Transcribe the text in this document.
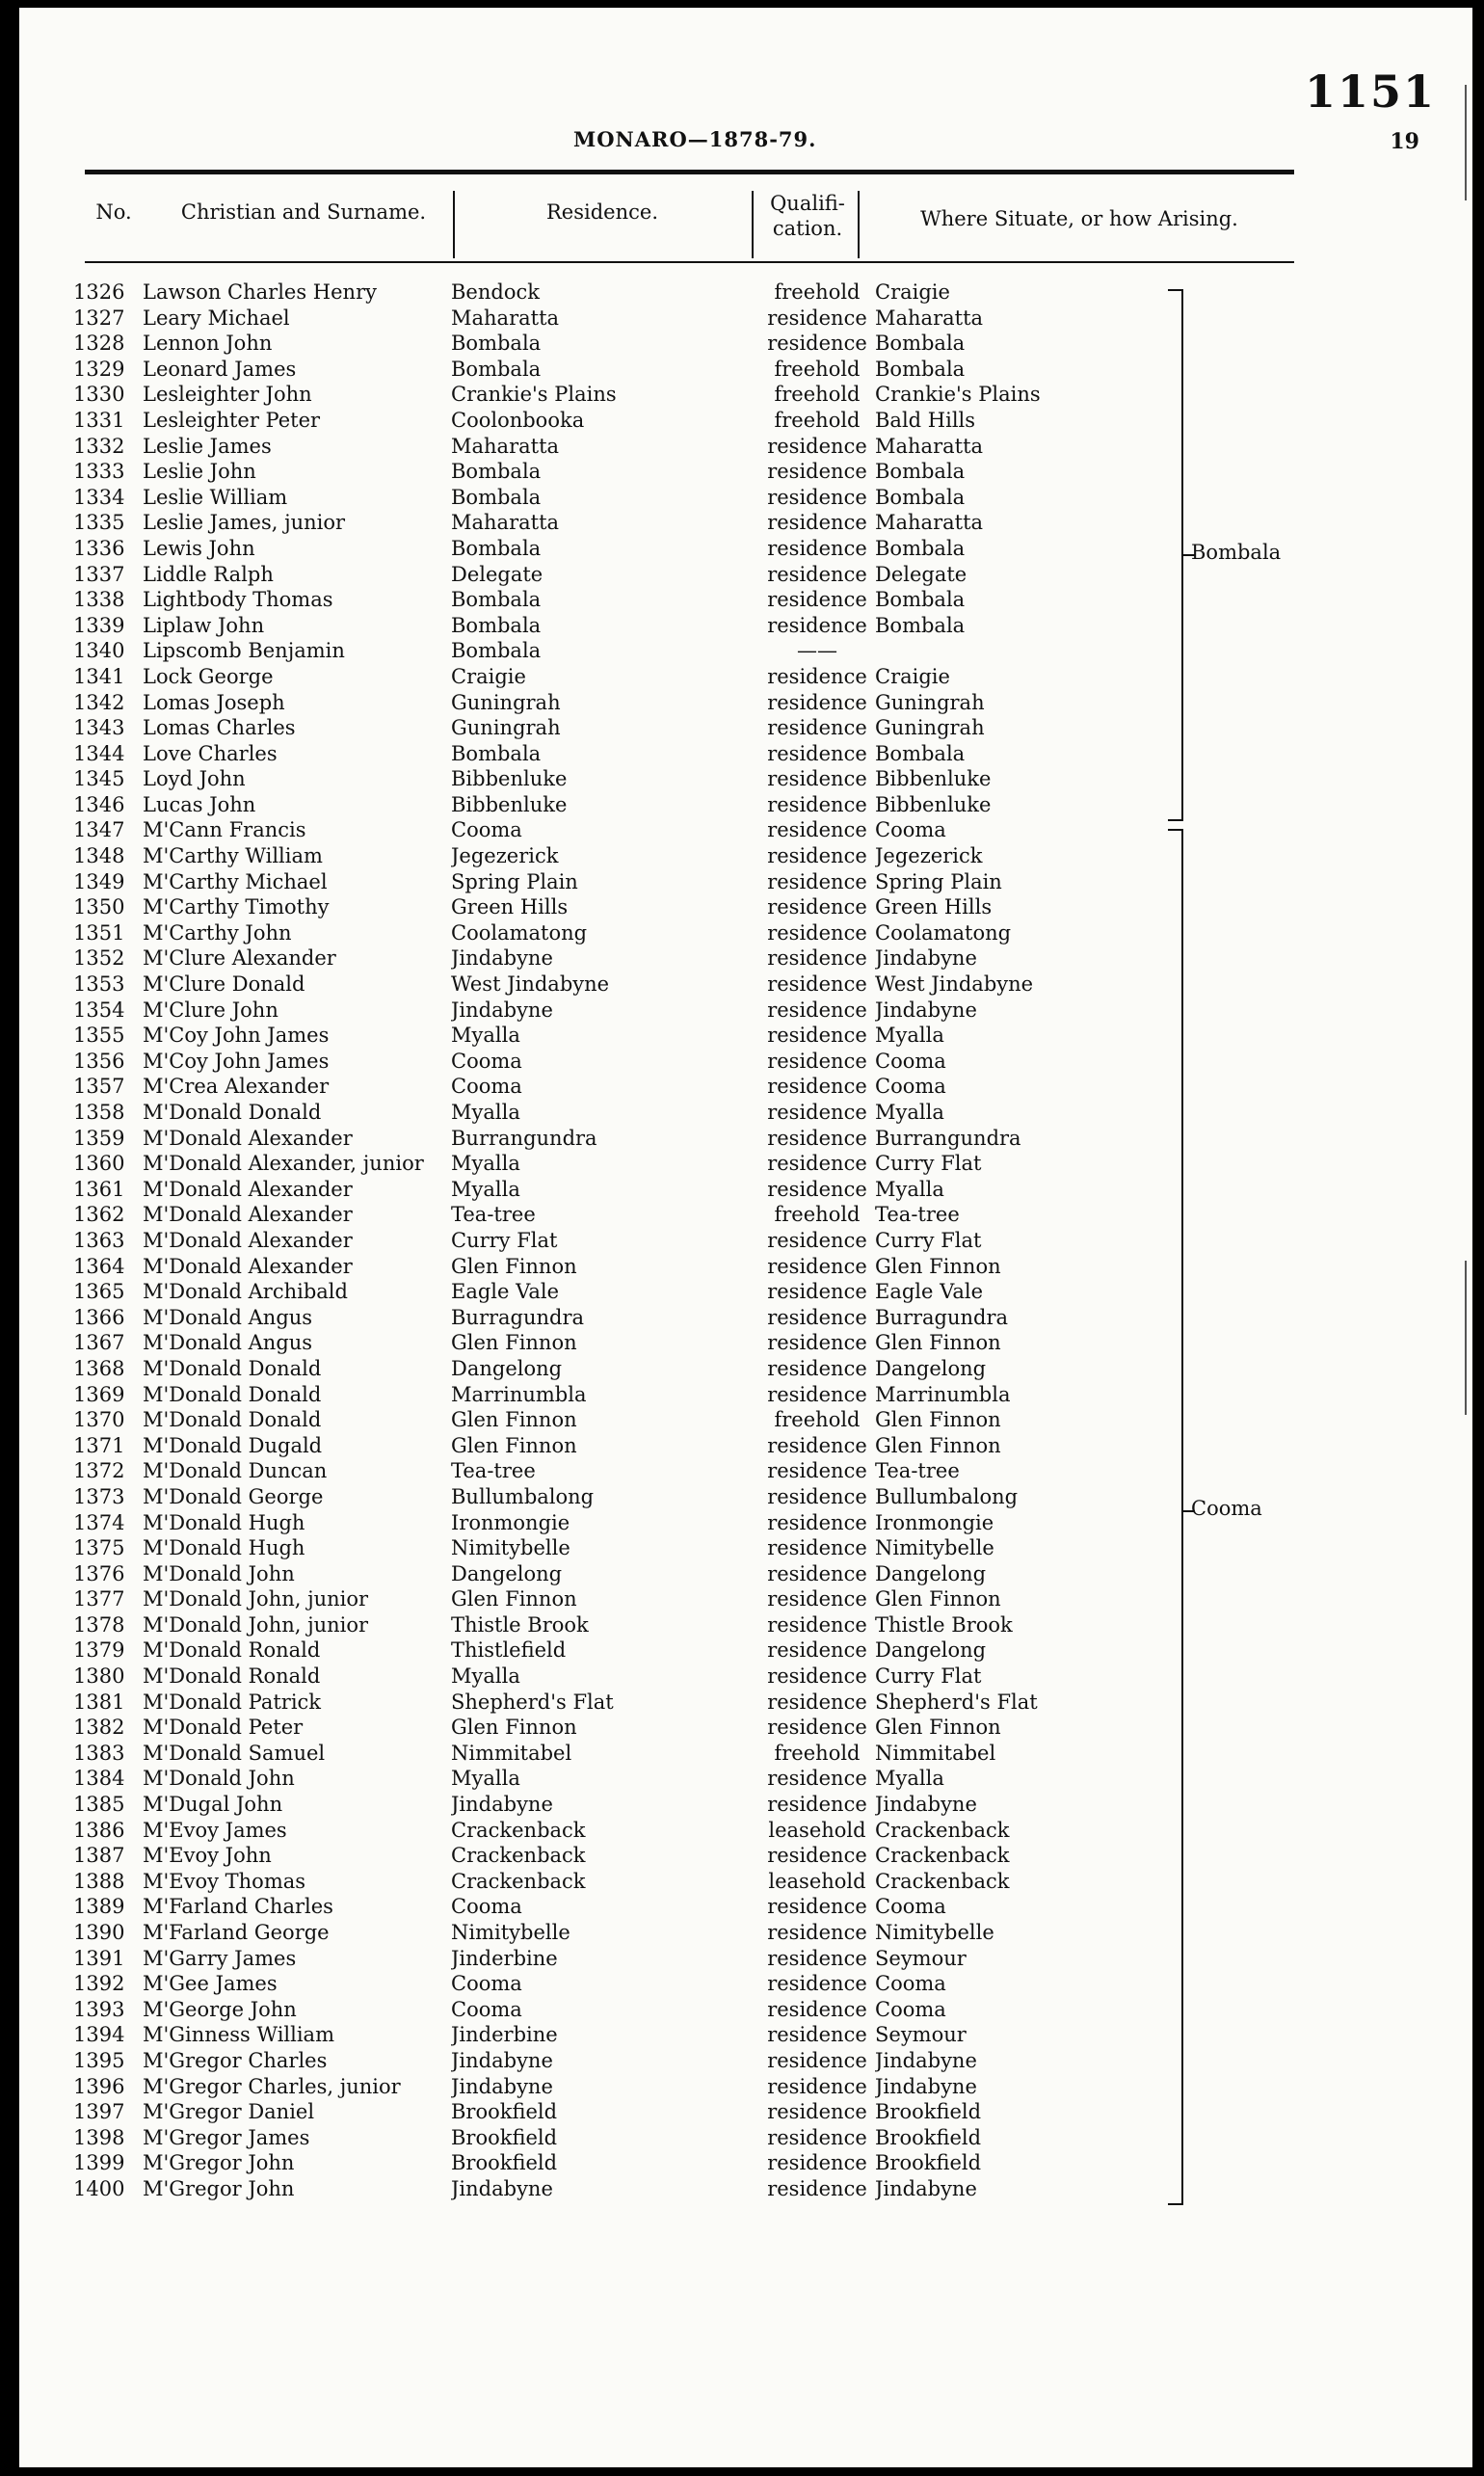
1151
19
MONARO—1878-79.
No.	Christian and Surname.	Residence.	Qualifi-
cation.	Where Situate, or how Arising.
1326 Lawson Charles Henry	Bendock	freehold Craigie
1327 Leary Michael	Maharatta	residence Maharatta
1328 Lennon John	Bombala	residence Bombala
1329 Leonard James	Bombala	freehold Bombala
1330 Lesleighter John	Crankie's Plains	freehold Crankie's Plains
1331 Lesleighter Peter	Coolonbooka	freehold Bald Hills
1332 Leslie James	Maharatta	residence Maharatta
1333 Leslie John	Bombala	residence Bombala
1334 Leslie William	Bombala	residence Bombala
1335 Leslie James, junior	Maharatta	residence Maharatta
1336 Lewis John	Bombala	residence Bombala
1337 Liddle Ralph	Delegate	residence Delegate
1338 Lightbody Thomas	Bombala	residence Bombala
1339 Liplaw John	Bombala	residence Bombala
1340 Lipscomb Benjamin	Bombala	——
1341 Lock George	Craigie	residence Craigie
1342 Lomas Joseph	Guningrah	residence Guningrah
1343 Lomas Charles	Guningrah	residence Guningrah
1344 Love Charles	Bombala	residence Bombala
1345 Loyd John	Bibbenluke	residence Bibbenluke
1346 Lucas John	Bibbenluke	residence Bibbenluke
1347 M'Cann Francis	Cooma	residence Cooma
1348 M'Carthy William	Jegezerick	residence Jegezerick
1349 M'Carthy Michael	Spring Plain	residence Spring Plain
1350 M'Carthy Timothy	Green Hills	residence Green Hills
1351 M'Carthy John	Coolamatong	residence Coolamatong
1352 M'Clure Alexander	Jindabyne	residence Jindabyne
1353 M'Clure Donald	West Jindabyne	residence West Jindabyne
1354 M'Clure John	Jindabyne	residence Jindabyne
1355 M'Coy John James	Myalla	residence Myalla
1356 M'Coy John James	Cooma	residence Cooma
1357 M'Crea Alexander	Cooma	residence Cooma
1358 M'Donald Donald	Myalla	residence Myalla
1359 M'Donald Alexander	Burrangundra	residence Burrangundra
1360 M'Donald Alexander, junior	Myalla	residence Curry Flat
1361 M'Donald Alexander	Myalla	residence Myalla
1362 M'Donald Alexander	Tea-tree	freehold Tea-tree
1363 M'Donald Alexander	Curry Flat	residence Curry Flat
1364 M'Donald Alexander	Glen Finnon	residence Glen Finnon
1365 M'Donald Archibald	Eagle Vale	residence Eagle Vale
1366 M'Donald Angus	Burragundra	residence Burragundra
1367 M'Donald Angus	Glen Finnon	residence Glen Finnon
1368 M'Donald Donald	Dangelong	residence Dangelong
1369 M'Donald Donald	Marrinumbla	residence Marrinumbla
1370 M'Donald Donald	Glen Finnon	freehold Glen Finnon
1371 M'Donald Dugald	Glen Finnon	residence Glen Finnon
1372 M'Donald Duncan	Tea-tree	residence Tea-tree
1373 M'Donald George	Bullumbalong	residence Bullumbalong
1374 M'Donald Hugh	Ironmongie	residence Ironmongie
1375 M'Donald Hugh	Nimitybelle	residence Nimitybelle
1376 M'Donald John	Dangelong	residence Dangelong
1377 M'Donald John, junior	Glen Finnon	residence Glen Finnon
1378 M'Donald John, junior	Thistle Brook	residence Thistle Brook
1379 M'Donald Ronald	Thistlefield	residence Dangelong
1380 M'Donald Ronald	Myalla	residence Curry Flat
1381 M'Donald Patrick	Shepherd's Flat	residence Shepherd's Flat
1382 M'Donald Peter	Glen Finnon	residence Glen Finnon
1383 M'Donald Samuel	Nimmitabel	freehold Nimmitabel
1384 M'Donald John	Myalla	residence Myalla
1385 M'Dugal John	Jindabyne	residence Jindabyne
1386 M'Evoy James	Crackenback	leasehold Crackenback
1387 M'Evoy John	Crackenback	residence Crackenback
1388 M'Evoy Thomas	Crackenback	leasehold Crackenback
1389 M'Farland Charles	Cooma	residence Cooma
1390 M'Farland George	Nimitybelle	residence Nimitybelle
1391 M'Garry James	Jinderbine	residence Seymour
1392 M'Gee James	Cooma	residence Cooma
1393 M'George John	Cooma	residence Cooma
1394 M'Ginness William	Jinderbine	residence Seymour
1395 M'Gregor Charles	Jindabyne	residence Jindabyne
1396 M'Gregor Charles, junior	Jindabyne	residence Jindabyne
1397 M'Gregor Daniel	Brookfield	residence Brookfield
1398 M'Gregor James	Brookfield	residence Brookfield
1399 M'Gregor John	Brookfield	residence Brookfield
1400 M'Gregor John	Jindabyne	residence Jindabyne
Bombala
Cooma
